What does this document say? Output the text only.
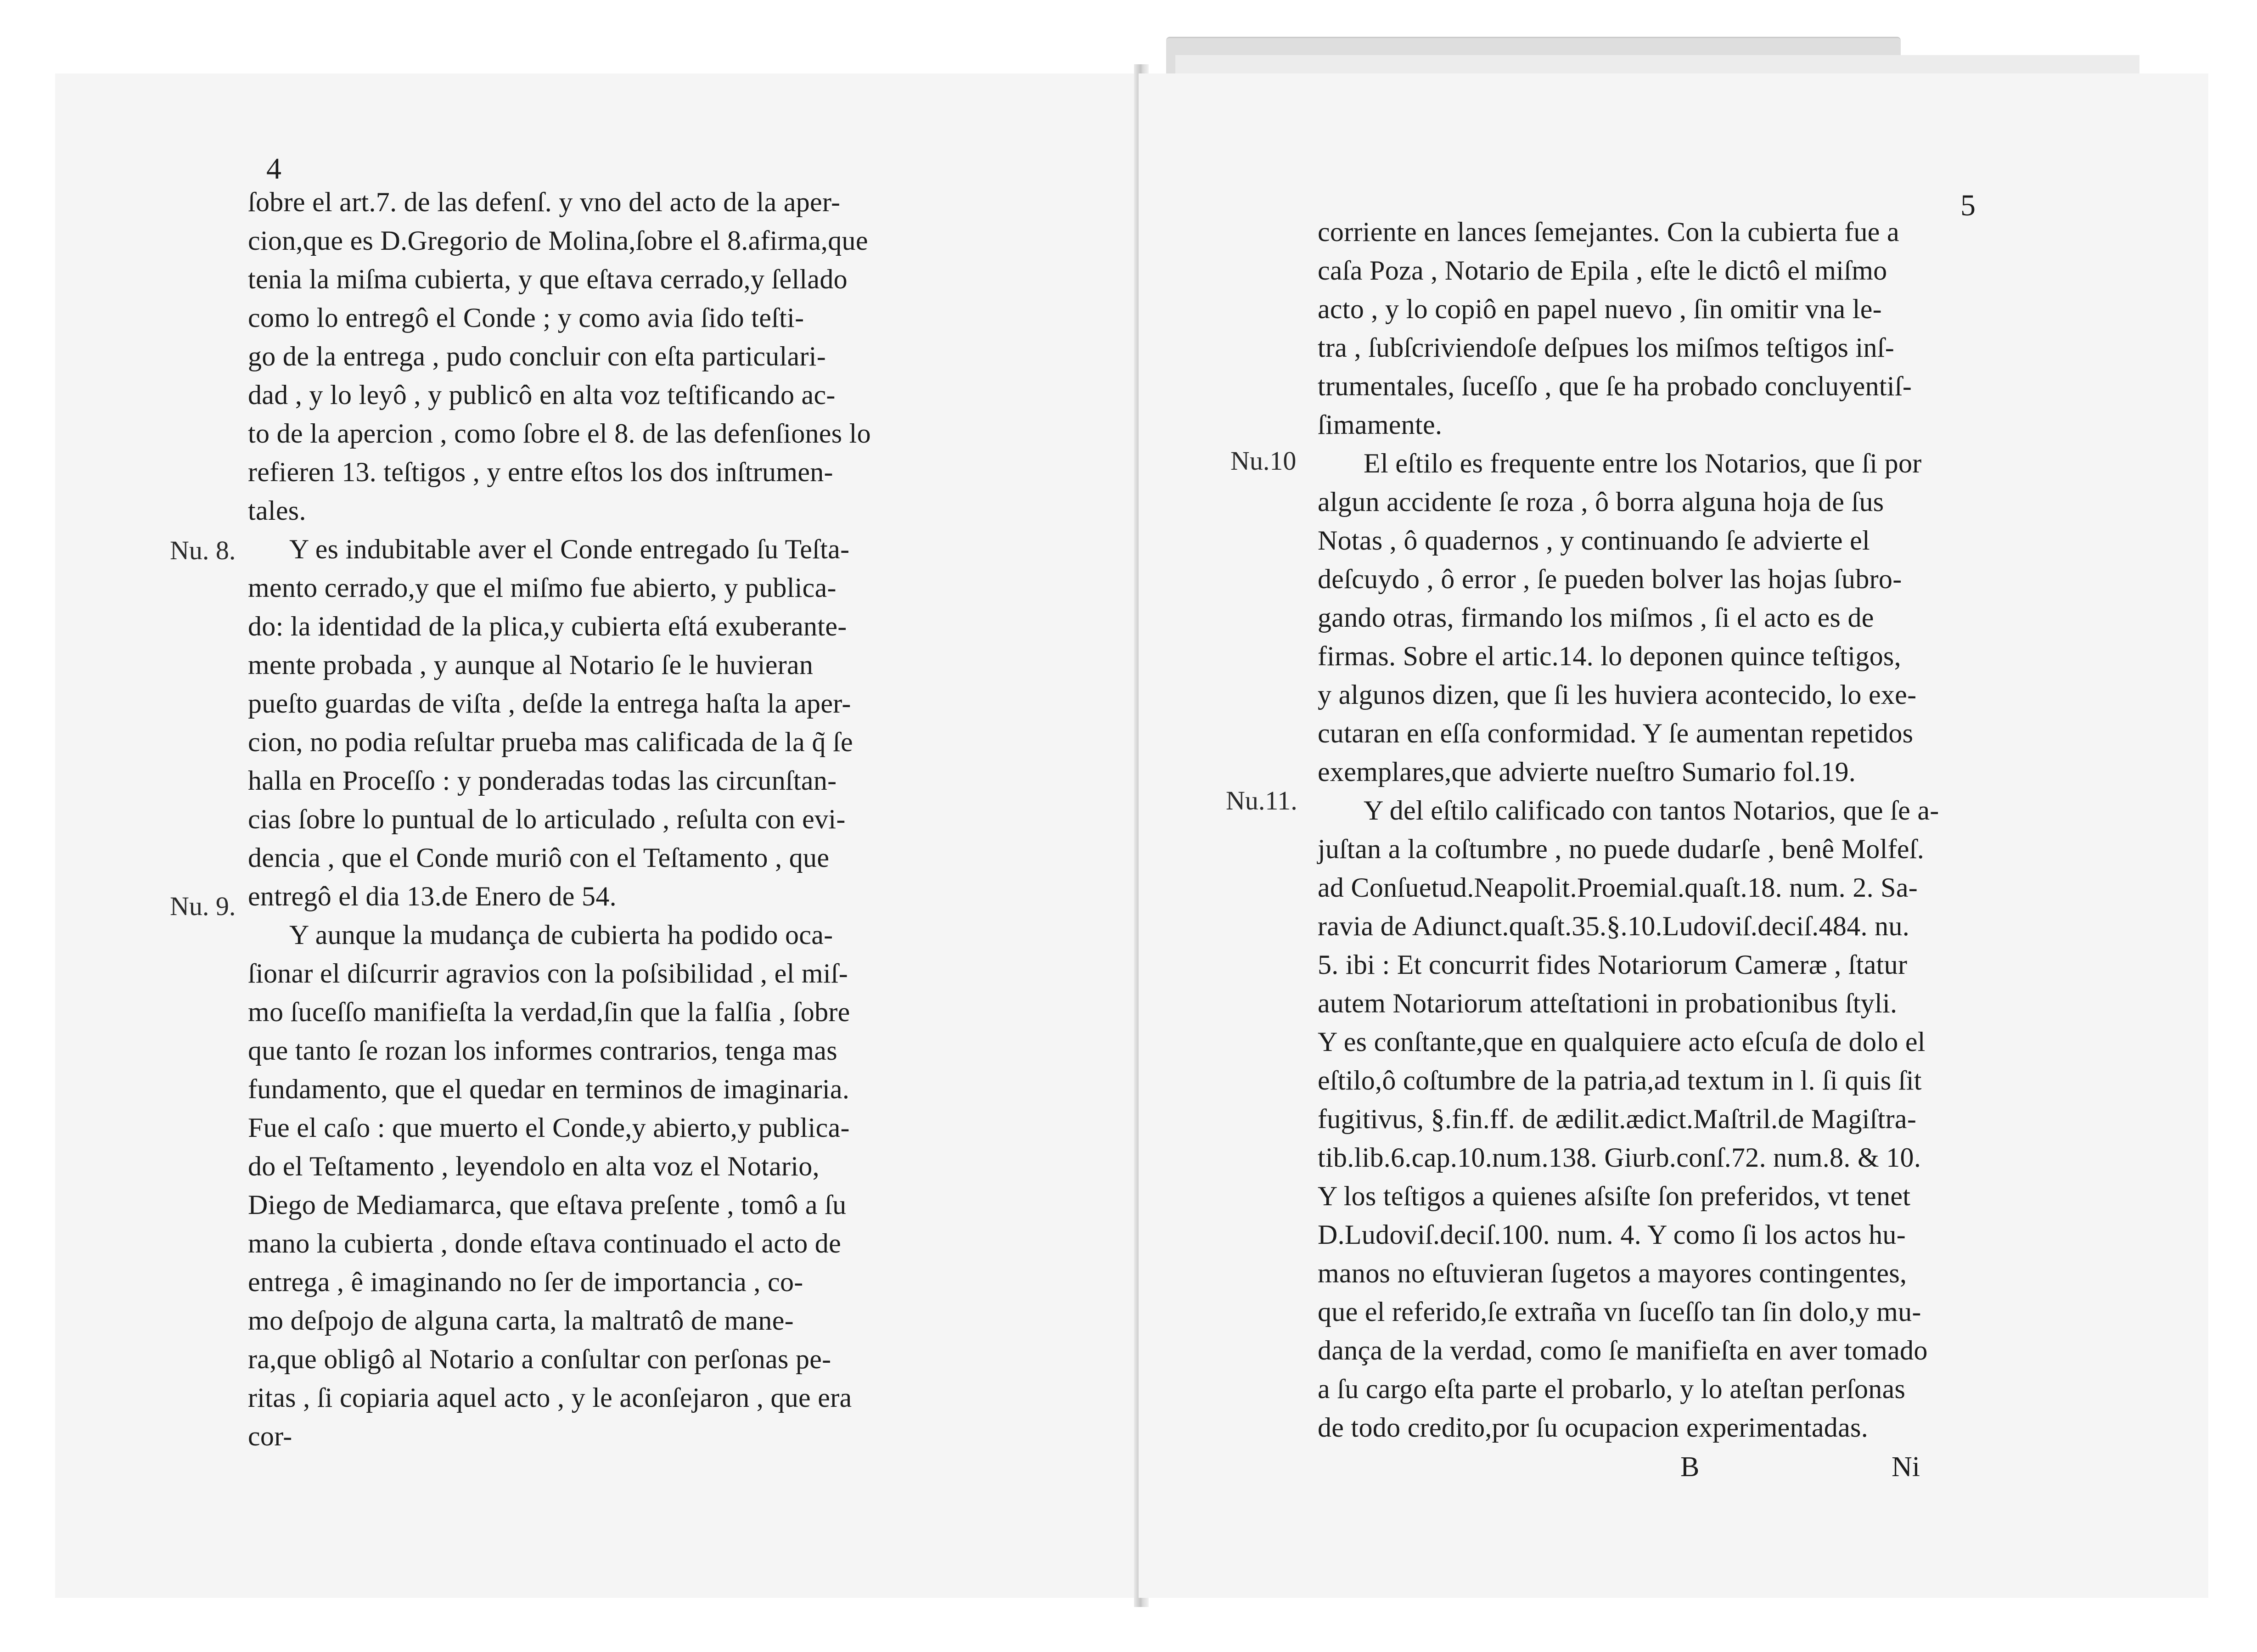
4
Nu. 8.
Nu. 9.
ſobre el art.7. de las defenſ. y vno del acto de la aper-
cion,que es D.Gregorio de Molina,ſobre el 8.afirma,que
tenia la miſma cubierta, y que eſtava cerrado,y ſellado
como lo entregô el Conde ; y como avia ſido teſti-
go de la entrega , pudo concluir con eſta particulari-
dad , y lo leyô , y publicô en alta voz teſtificando ac-
to de la apercion , como ſobre el 8. de las defenſiones lo
refieren 13. teſtigos , y entre eſtos los dos inſtrumen-
tales.
Y es indubitable aver el Conde entregado ſu Teſta-
mento cerrado,y que el miſmo fue abierto, y publica-
do: la identidad de la plica,y cubierta eſtá exuberante-
mente probada , y aunque al Notario ſe le huvieran
pueſto guardas de viſta , deſde la entrega haſta la aper-
cion, no podia reſultar prueba mas calificada de la q̃ ſe
halla en Proceſſo : y ponderadas todas las circunſtan-
cias ſobre lo puntual de lo articulado , reſulta con evi-
dencia , que el Conde muriô con el Teſtamento , que
entregô el dia 13.de Enero de 54.
Y aunque la mudança de cubierta ha podido oca-
ſionar el diſcurrir agravios con la poſsibilidad , el miſ-
mo ſuceſſo manifieſta la verdad,ſin que la falſia , ſobre
que tanto ſe rozan los informes contrarios, tenga mas
fundamento, que el quedar en terminos de imaginaria.
Fue el caſo : que muerto el Conde,y abierto,y publica-
do el Teſtamento , leyendolo en alta voz el Notario,
Diego de Mediamarca, que eſtava preſente , tomô a ſu
mano la cubierta , donde eſtava continuado el acto de
entrega , ê imaginando no ſer de importancia , co-
mo deſpojo de alguna carta, la maltratô de mane-
ra,que obligô al Notario a conſultar con perſonas pe-
ritas , ſi copiaria aquel acto , y le aconſejaron , que era
cor-
5
Nu.10
Nu.11.
corriente en lances ſemejantes. Con la cubierta fue a
caſa Poza , Notario de Epila , eſte le dictô el miſmo
acto , y lo copiô en papel nuevo , ſin omitir vna le-
tra , ſubſcriviendoſe deſpues los miſmos teſtigos inſ-
trumentales, ſuceſſo , que ſe ha probado concluyentiſ-
ſimamente.
El eſtilo es frequente entre los Notarios, que ſi por
algun accidente ſe roza , ô borra alguna hoja de ſus
Notas , ô quadernos , y continuando ſe advierte el
deſcuydo , ô error , ſe pueden bolver las hojas ſubro-
gando otras, firmando los miſmos , ſi el acto es de
firmas. Sobre el artic.14. lo deponen quince teſtigos,
y algunos dizen, que ſi les huviera acontecido, lo exe-
cutaran en eſſa conformidad. Y ſe aumentan repetidos
exemplares,que advierte nueſtro Sumario fol.19.
Y del eſtilo calificado con tantos Notarios, que ſe a-
juſtan a la coſtumbre , no puede dudarſe , benê Molfeſ.
ad Conſuetud.Neapolit.Proemial.quaſt.18. num. 2. Sa-
ravia de Adiunct.quaſt.35.§.10.Ludoviſ.deciſ.484. nu.
5. ibi : Et concurrit fides Notariorum Cameræ , ſtatur
autem Notariorum atteſtationi in probationibus ſtyli.
Y es conſtante,que en qualquiere acto eſcuſa de dolo el
eſtilo,ô coſtumbre de la patria,ad textum in l. ſi quis ſit
fugitivus, §.fin.ff. de ædilit.ædict.Maſtril.de Magiſtra-
tib.lib.6.cap.10.num.138. Giurb.conſ.72. num.8. & 10.
Y los teſtigos a quienes aſsiſte ſon preferidos, vt tenet
D.Ludoviſ.deciſ.100. num. 4. Y como ſi los actos hu-
manos no eſtuvieran ſugetos a mayores contingentes,
que el referido,ſe extraña vn ſuceſſo tan ſin dolo,y mu-
dança de la verdad, como ſe manifieſta en aver tomado
a ſu cargo eſta parte el probarlo, y lo ateſtan perſonas
de todo credito,por ſu ocupacion experimentadas.
B	Ni
